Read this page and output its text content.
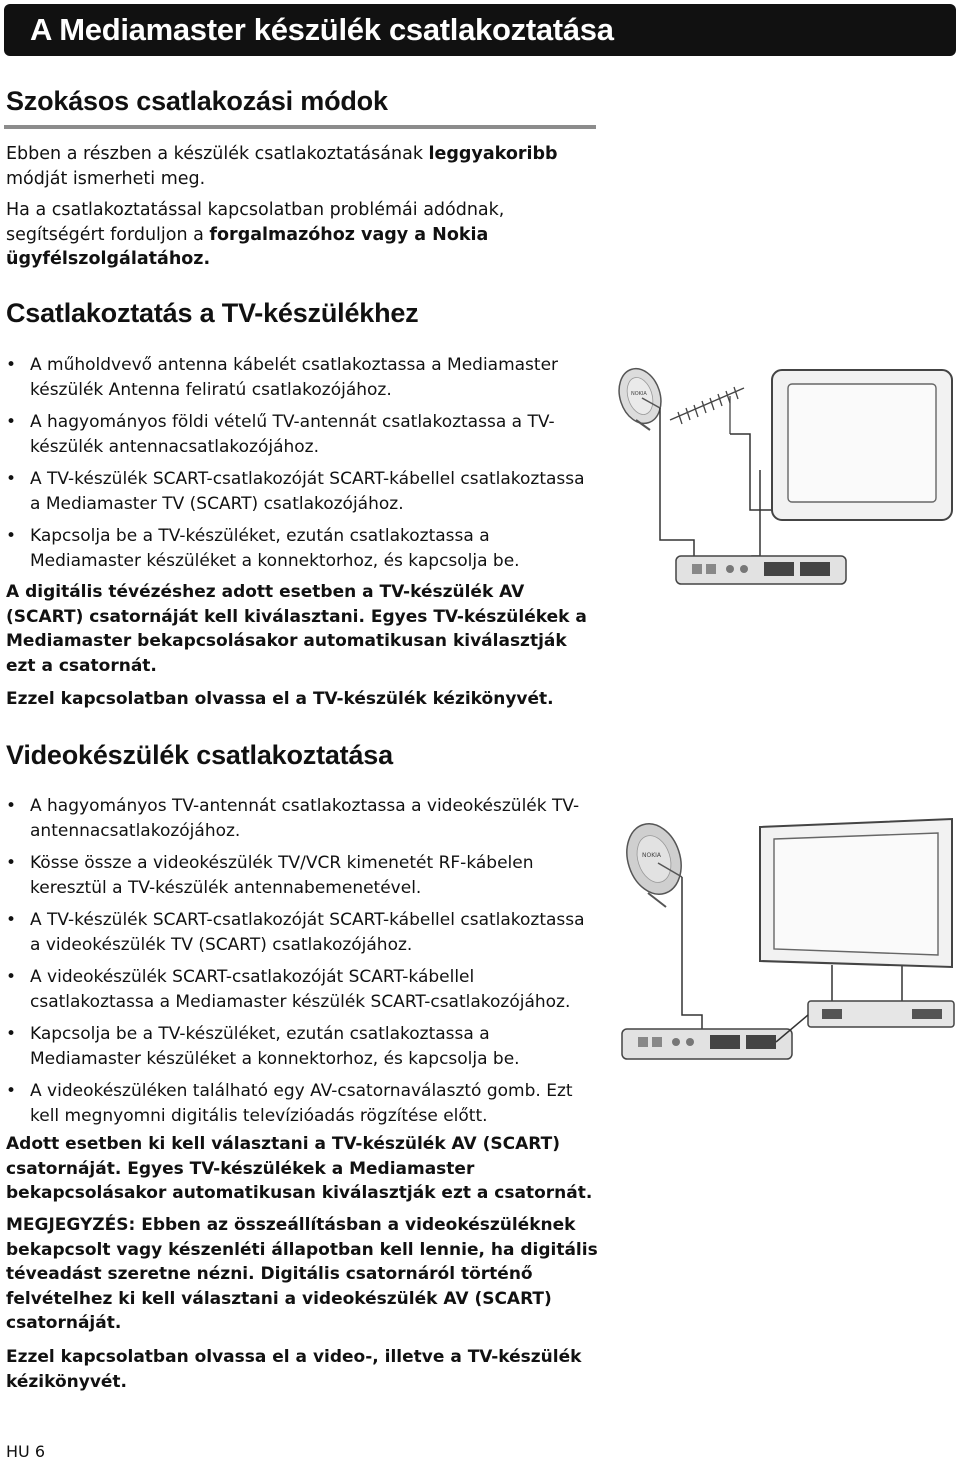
A Mediamaster készülék csatlakoztatása
Szokásos csatlakozási módok

Ebben a részben a készülék csatlakoztatásának leggyakoribb módját ismerheti meg.

Ha a csatlakoztatással kapcsolatban problémái adódnak, segítségért forduljon a forgalmazóhoz vagy a Nokia ügyfélszolgálatához.

Csatlakoztatás a TV-készülékhez
• A műholdvevő antenna kábelét csatlakoztassa a Mediamaster készülék Antenna feliratú csatlakozójához.
• A hagyományos földi vételű TV-antennát csatlakoztassa a TV-készülék antennacsatlakozójához.
• A TV-készülék SCART-csatlakozóját SCART-kábellel csatlakoztassa a Mediamaster TV (SCART) csatlakozójához.
• Kapcsolja be a TV-készüléket, ezután csatlakoztassa a Mediamaster készüléket a konnektorhoz, és kapcsolja be.

A digitális tévézéshez adott esetben a TV-készülék AV (SCART) csatornáját kell kiválasztani. Egyes TV-készülékek a Mediamaster bekapcsolásakor automatikusan kiválasztják ezt a csatornát.

Ezzel kapcsolatban olvassa el a TV-készülék kézikönyvét.

NOKIA
Videokészülék csatlakoztatása
• A hagyományos TV-antennát csatlakoztassa a videokészülék TV-antennacsatlakozójához.
• Kösse össze a videokészülék TV/VCR kimenetét RF-kábelen keresztül a TV-készülék antennabemenetével.
• A TV-készülék SCART-csatlakozóját SCART-kábellel csatlakoztassa a videokészülék TV (SCART) csatlakozójához.
• A videokészülék SCART-csatlakozóját SCART-kábellel csatlakoztassa a Mediamaster készülék SCART-csatlakozójához.
• Kapcsolja be a TV-készüléket, ezután csatlakoztassa a Mediamaster készüléket a konnektorhoz, és kapcsolja be.
• A videokészüléken található egy AV-csatornaválasztó gomb. Ezt kell megnyomni digitális televízióadás rögzítése előtt.

Adott esetben ki kell választani a TV-készülék AV (SCART) csatornáját. Egyes TV-készülékek a Mediamaster bekapcsolásakor automatikusan kiválasztják ezt a csatornát.

MEGJEGYZÉS: Ebben az összeállításban a videokészüléknek bekapcsolt vagy készenléti állapotban kell lennie, ha digitális téveadást szeretne nézni. Digitális csatornáról történő felvételhez ki kell választani a videokészülék AV (SCART) csatornáját.

Ezzel kapcsolatban olvassa el a video-, illetve a TV-készülék kézikönyvét.

NOKIA
HU 6
